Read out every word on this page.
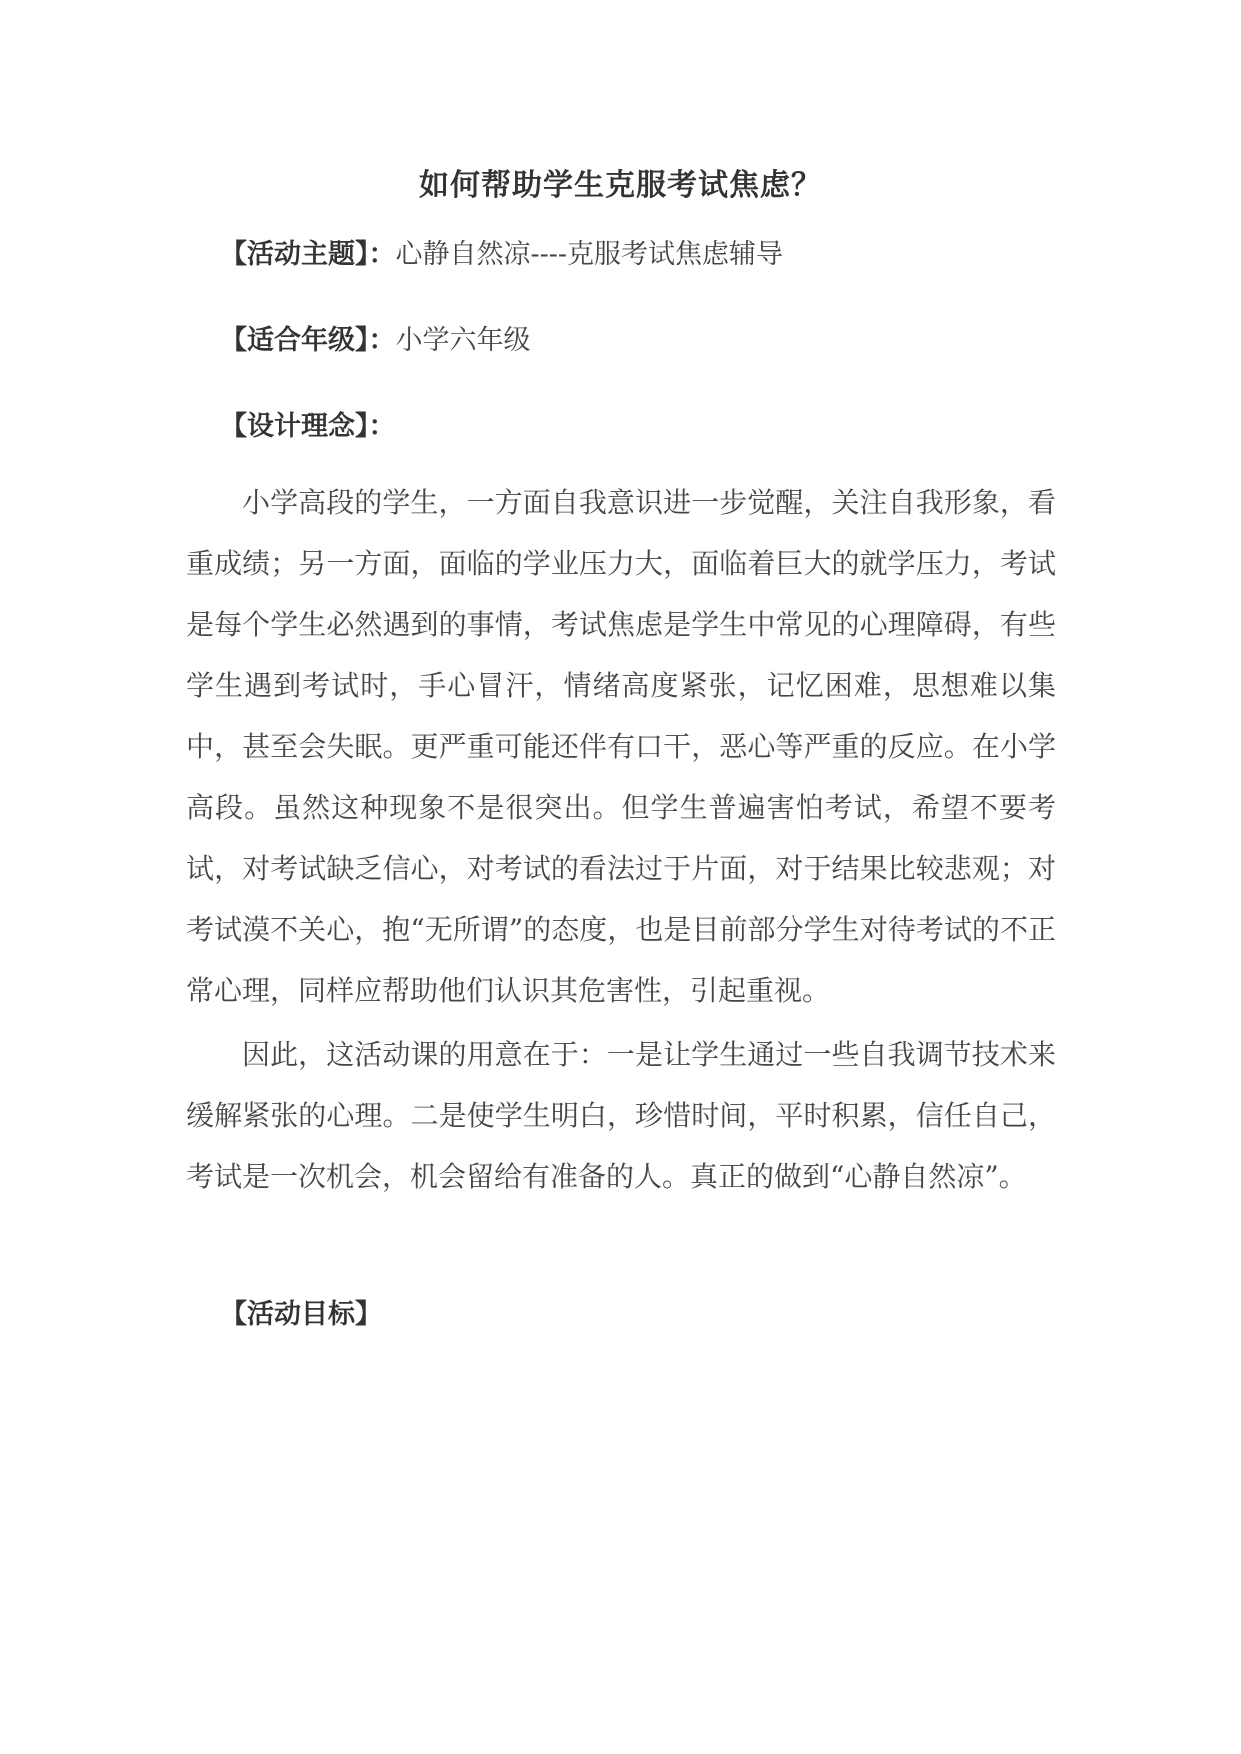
如何帮助学生克服考试焦虑？
【活动主题】：心静自然凉----克服考试焦虑辅导
【适合年级】：小学六年级
【设计理念】：

小学高段的学生，一方面自我意识进一步觉醒，关注自我形象，看重成绩；另一方面，面临的学业压力大，面临着巨大的就学压力，考试是每个学生必然遇到的事情，考试焦虑是学生中常见的心理障碍，有些学生遇到考试时，手心冒汗，情绪高度紧张，记忆困难，思想难以集中，甚至会失眠。更严重可能还伴有口干，恶心等严重的反应。在小学高段。虽然这种现象不是很突出。但学生普遍害怕考试，希望不要考试，对考试缺乏信心，对考试的看法过于片面，对于结果比较悲观；对考试漠不关心，抱“无所谓”的态度，也是目前部分学生对待考试的不正常心理，同样应帮助他们认识其危害性，引起重视。

因此，这活动课的用意在于：一是让学生通过一些自我调节技术来缓解紧张的心理。二是使学生明白，珍惜时间，平时积累，信任自己，考试是一次机会，机会留给有准备的人。真正的做到“心静自然凉”。

【活动目标】
